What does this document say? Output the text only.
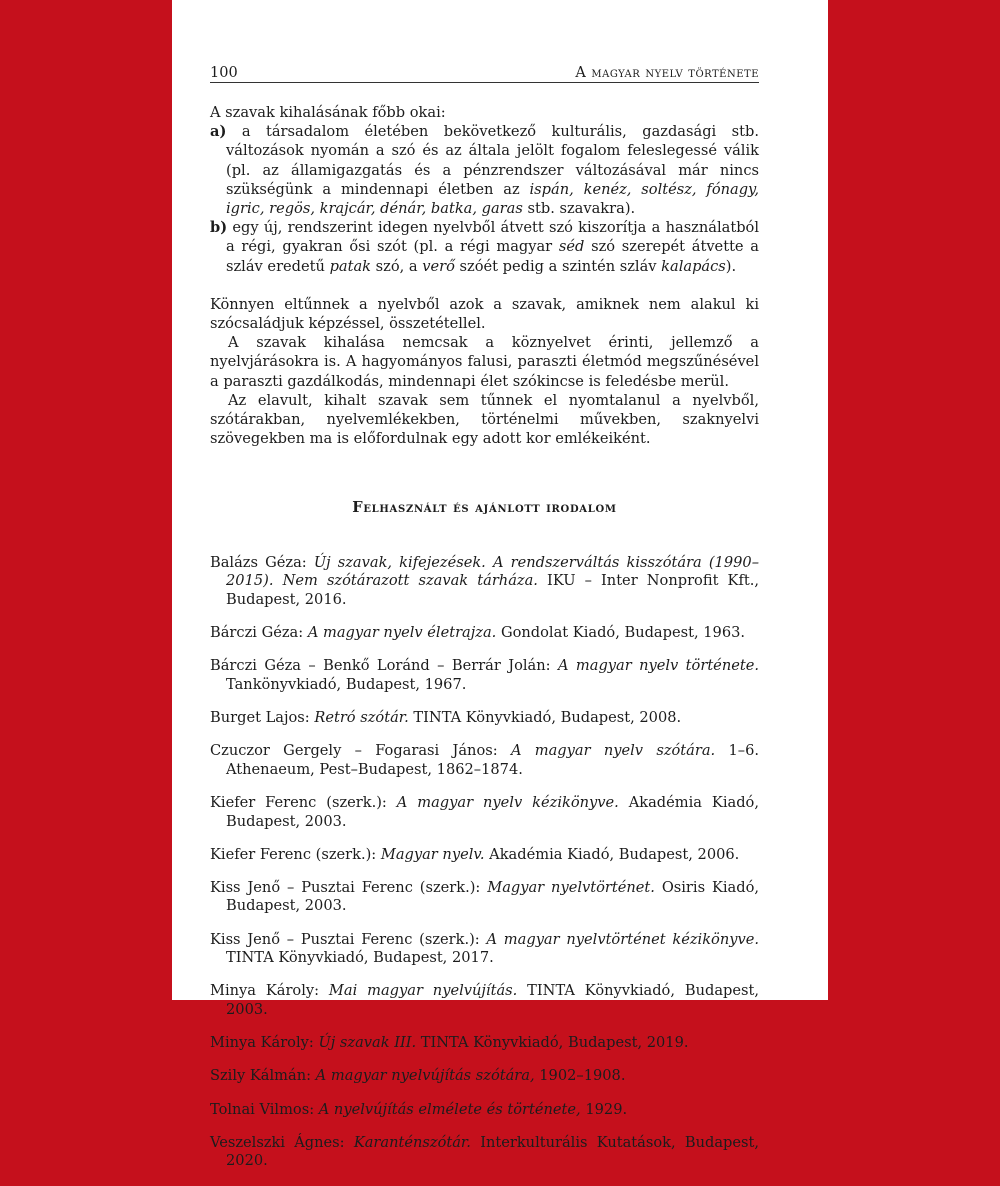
100	A magyar nyelv története

A szavak kihalásának főbb okai:

a) a társadalom életében bekövetkező kulturális, gazdasági stb. változások nyomán a szó és az általa jelölt fogalom feleslegessé válik (pl. az államigazgatás és a pénzrendszer változásával már nincs szükségünk a mindennapi életben az ispán, kenéz, soltész, fónagy, igric, regös, krajcár, dénár, batka, garas stb. szavakra).

b) egy új, rendszerint idegen nyelvből átvett szó kiszorítja a használatból a régi, gyakran ősi szót (pl. a régi magyar séd szó szerepét átvette a szláv eredetű patak szó, a verő szóét pedig a szintén szláv kalapács).

Könnyen eltűnnek a nyelvből azok a szavak, amiknek nem alakul ki szócsaládjuk képzéssel, összetétellel.

A szavak kihalása nemcsak a köznyelvet érinti, jellemző a nyelvjárásokra is. A hagyományos falusi, paraszti életmód megszűnésével a paraszti gazdálkodás, mindennapi élet szókincse is feledésbe merül.

Az elavult, kihalt szavak sem tűnnek el nyomtalanul a nyelvből, szótárakban, nyelvemlékekben, történelmi művekben, szaknyelvi szövegekben ma is előfordulnak egy adott kor emlékeiként.

Felhasznált és ajánlott irodalom

Balázs Géza: Új szavak, kifejezések. A rendszerváltás kisszótára (1990–2015). Nem szótárazott szavak tárháza. IKU – Inter Nonprofit Kft., Budapest, 2016.

Bárczi Géza: A magyar nyelv életrajza. Gondolat Kiadó, Budapest, 1963.

Bárczi Géza – Benkő Loránd – Berrár Jolán: A magyar nyelv története. Tankönyvkiadó, Budapest, 1967.

Burget Lajos: Retró szótár. TINTA Könyvkiadó, Budapest, 2008.

Czuczor Gergely – Fogarasi János: A magyar nyelv szótára. 1–6. Athenaeum, Pest–Budapest, 1862–1874.

Kiefer Ferenc (szerk.): A magyar nyelv kézikönyve. Akadémia Kiadó, Budapest, 2003.

Kiefer Ferenc (szerk.): Magyar nyelv. Akadémia Kiadó, Budapest, 2006.

Kiss Jenő – Pusztai Ferenc (szerk.): Magyar nyelvtörténet. Osiris Kiadó, Budapest, 2003.

Kiss Jenő – Pusztai Ferenc (szerk.): A magyar nyelvtörténet kézikönyve. TINTA Könyvkiadó, Budapest, 2017.

Minya Károly: Mai magyar nyelvújítás. TINTA Könyvkiadó, Budapest, 2003.

Minya Károly: Új szavak III. TINTA Könyvkiadó, Budapest, 2019.

Szily Kálmán: A magyar nyelvújítás szótára, 1902–1908.

Tolnai Vilmos: A nyelvújítás elmélete és története, 1929.

Veszelszki Ágnes: Karanténszótár. Interkulturális Kutatások, Budapest, 2020.
